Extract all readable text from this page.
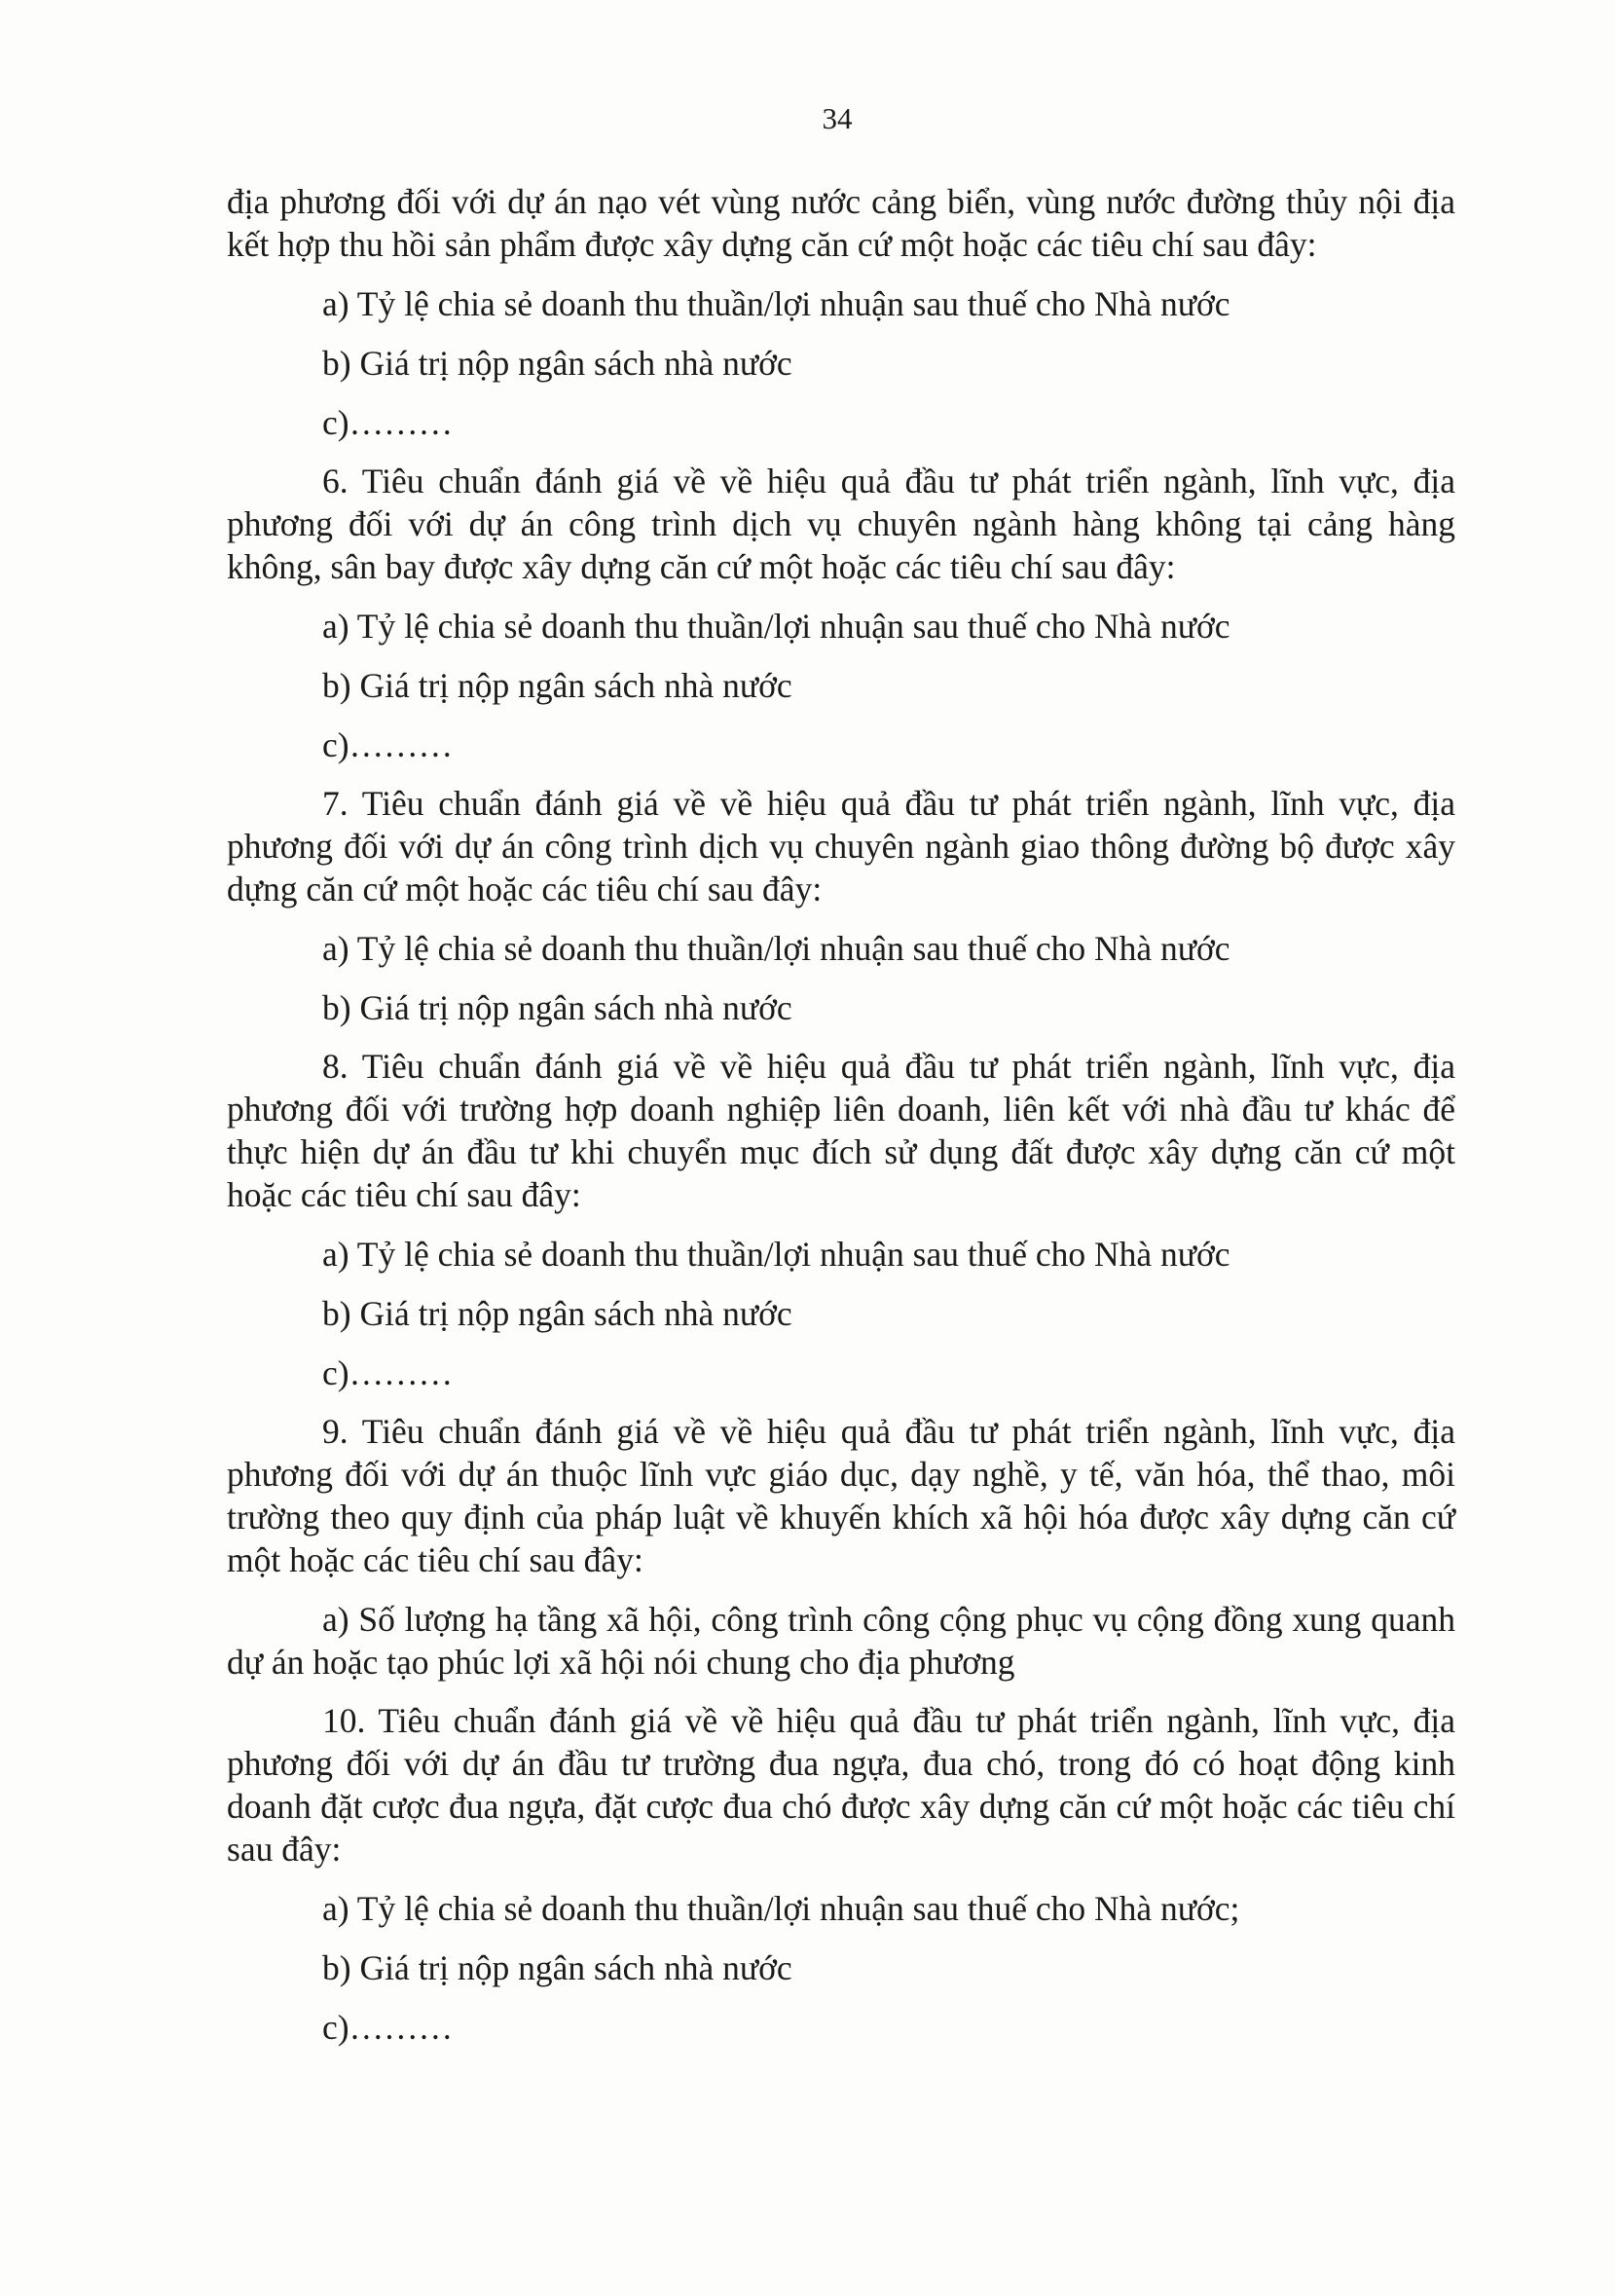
34

địa phương đối với dự án nạo vét vùng nước cảng biển, vùng nước đường thủy nội địa kết hợp thu hồi sản phẩm được xây dựng căn cứ một hoặc các tiêu chí sau đây:

a) Tỷ lệ chia sẻ doanh thu thuần/lợi nhuận sau thuế cho Nhà nước

b) Giá trị nộp ngân sách nhà nước

c)………

6. Tiêu chuẩn đánh giá về về hiệu quả đầu tư phát triển ngành, lĩnh vực, địa phương đối với dự án công trình dịch vụ chuyên ngành hàng không tại cảng hàng không, sân bay được xây dựng căn cứ một hoặc các tiêu chí sau đây:

a) Tỷ lệ chia sẻ doanh thu thuần/lợi nhuận sau thuế cho Nhà nước

b) Giá trị nộp ngân sách nhà nước

c)………

7. Tiêu chuẩn đánh giá về về hiệu quả đầu tư phát triển ngành, lĩnh vực, địa phương đối với dự án công trình dịch vụ chuyên ngành giao thông đường bộ được xây dựng căn cứ một hoặc các tiêu chí sau đây:

a) Tỷ lệ chia sẻ doanh thu thuần/lợi nhuận sau thuế cho Nhà nước

b) Giá trị nộp ngân sách nhà nước

8. Tiêu chuẩn đánh giá về về hiệu quả đầu tư phát triển ngành, lĩnh vực, địa phương đối với trường hợp doanh nghiệp liên doanh, liên kết với nhà đầu tư khác để thực hiện dự án đầu tư khi chuyển mục đích sử dụng đất được xây dựng căn cứ một hoặc các tiêu chí sau đây:

a) Tỷ lệ chia sẻ doanh thu thuần/lợi nhuận sau thuế cho Nhà nước

b) Giá trị nộp ngân sách nhà nước

c)………

9. Tiêu chuẩn đánh giá về về hiệu quả đầu tư phát triển ngành, lĩnh vực, địa phương đối với dự án thuộc lĩnh vực giáo dục, dạy nghề, y tế, văn hóa, thể thao, môi trường theo quy định của pháp luật về khuyến khích xã hội hóa được xây dựng căn cứ một hoặc các tiêu chí sau đây:

a) Số lượng hạ tầng xã hội, công trình công cộng phục vụ cộng đồng xung quanh dự án hoặc tạo phúc lợi xã hội nói chung cho địa phương

10. Tiêu chuẩn đánh giá về về hiệu quả đầu tư phát triển ngành, lĩnh vực, địa phương đối với dự án đầu tư trường đua ngựa, đua chó, trong đó có hoạt động kinh doanh đặt cược đua ngựa, đặt cược đua chó được xây dựng căn cứ một hoặc các tiêu chí sau đây:

a) Tỷ lệ chia sẻ doanh thu thuần/lợi nhuận sau thuế cho Nhà nước;

b) Giá trị nộp ngân sách nhà nước

c)………
